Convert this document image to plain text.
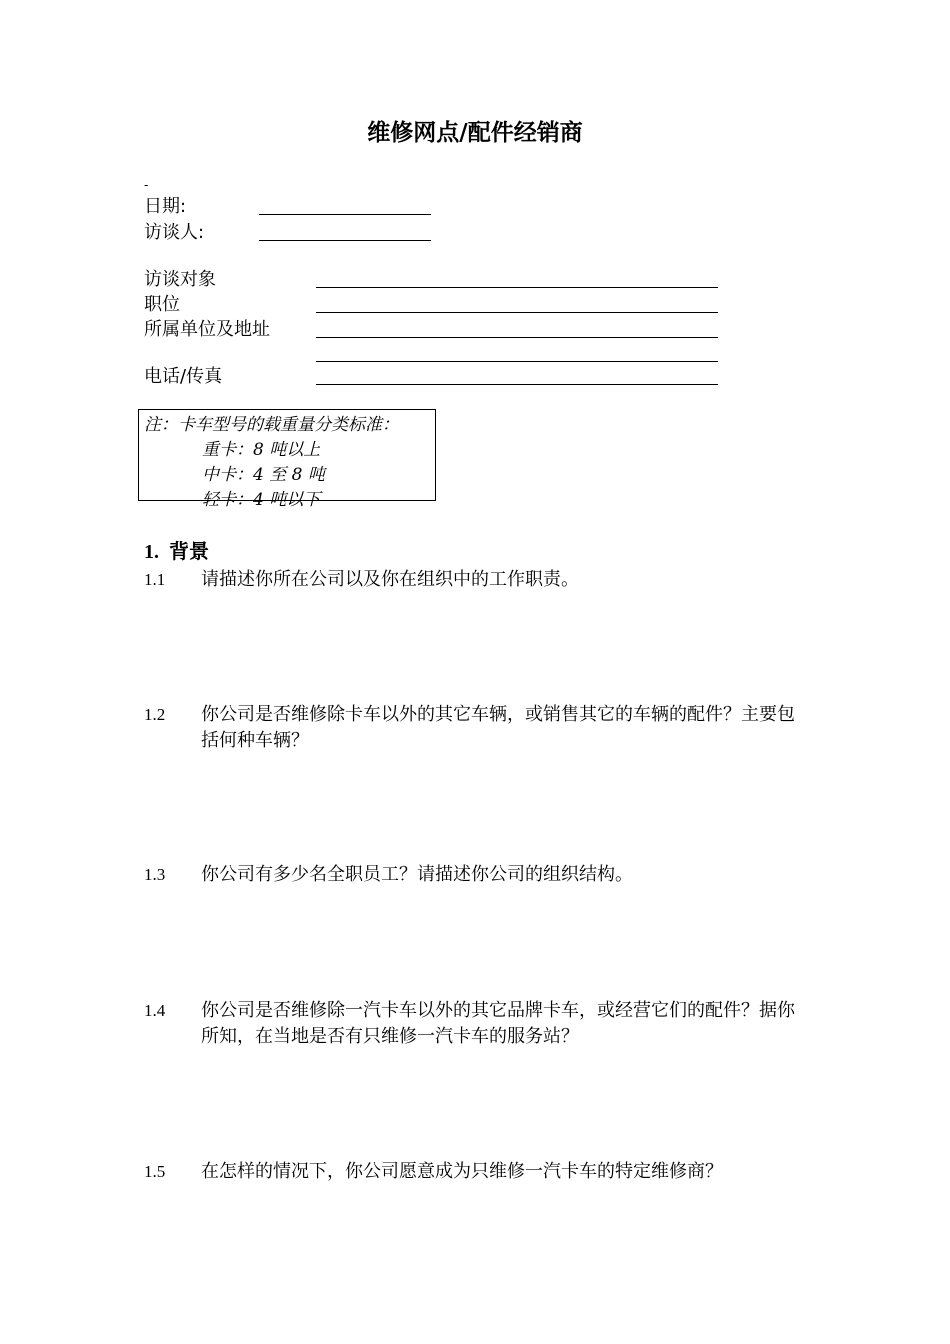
维修网点/配件经销商
-
日期:
访谈人:
访谈对象
职位
所属单位及地址
电话/传真
注：卡车型号的载重量分类标准：
重卡：8 吨以上
中卡：4 至 8 吨
轻卡：4 吨以下
1. 背景
1.1 请描述你所在公司以及你在组织中的工作职责。
1.2 你公司是否维修除卡车以外的其它车辆，或销售其它的车辆的配件？主要包括何种车辆？
1.3 你公司有多少名全职员工？请描述你公司的组织结构。
1.4 你公司是否维修除一汽卡车以外的其它品牌卡车，或经营它们的配件？据你所知，在当地是否有只维修一汽卡车的服务站？
1.5 在怎样的情况下，你公司愿意成为只维修一汽卡车的特定维修商？
